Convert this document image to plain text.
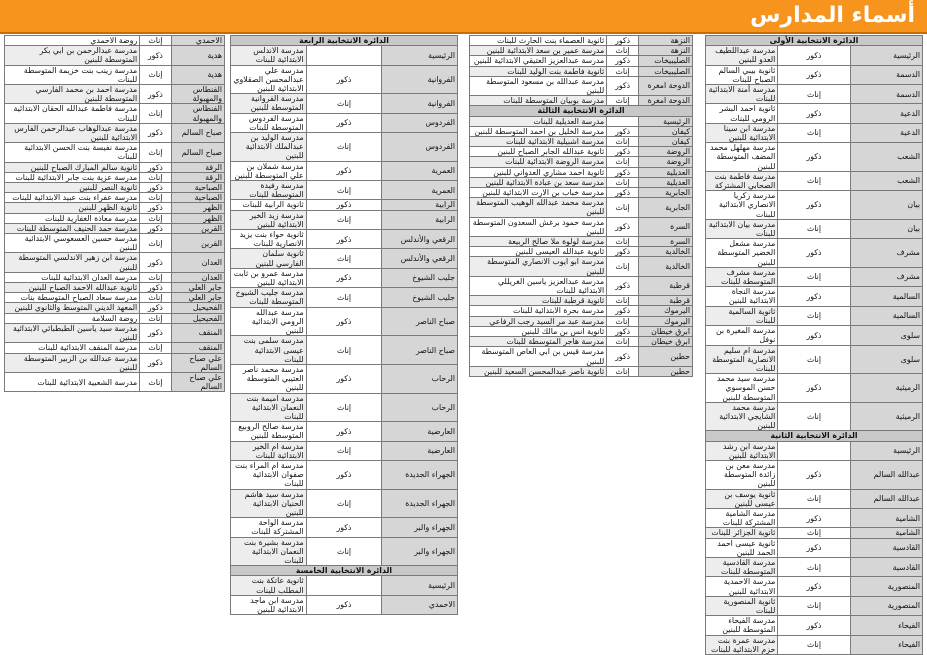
أسماء المدارس
الدائرة الانتخابية الأولى		
الرئيسية	ذكور	مدرسة عبداللطيف العدو للبنين
الدسمة	ذكور	ثانوية بيبي السالم الصباح للبنات
الدسمة	إناث	مدرسة أمنة الابتدائية للبنات
الدعية	ذكور	ثانوية احمد البشر الرومي للبنات
الدعية	إناث	مدرسة ابن سينا الابتدائية للبنين
الشعب	ذكور	مدرسة مهلهل محمد المضف المتوسطة للبنين
الشعب	إناث	مدرسة فاطمة بنت الصحابي المشتركة
بيان	ذكور	مدرسة زكريا الانصاري الابتدائية للبنات
بيان	إناث	مدرسة بيان الابتدائية للبنات
مشرف	ذكور	مدرسة مشعل الخضير المتوسطة للبنين
مشرف	إناث	مدرسة مشرف المتوسطة للبنات
السالمية	ذكور	مدرسة النجاة الابتدائية للبنين
السالمية	إناث	ثانوية السالمية للبنات
سلوى	ذكور	مدرسة المغيرة بن نوفل
سلوى	إناث	مدرسة ام سليم الانصارية المتوسطة للبنات
الرميثية	ذكور	مدرسة سيد محمد حسن الموسوي المتوسطة للبنين
الرميثية	إناث	مدرسة محمد الشايجي الابتدائية للبنين
الدائرة الانتخابية الثانية		
الرئيسية		مدرسة ابن رشد الابتدائية للبنين
عبدالله السالم	ذكور	مدرسة معن بن زائدة المتوسطة للبنين
عبدالله السالم	إناث	ثانوية يوسف بن عيسى للبنين
الشامية	ذكور	مدرسة الشامية المشتركة للبنات
الشامية	إناث	ثانوية الجزائر للبنات
القادسية	ذكور	ثانوية عيسى احمد الحمد للبنين
القادسية	إناث	مدرسة القادسية المتوسطة للبنات
المنصورية	ذكور	مدرسة الاحمدية الابتدائية للبنين
المنصورية	إناث	ثانوية المنصورية للبنات
الفيحاء	ذكور	مدرسة الفيحاء المتوسطة للبنين
الفيحاء	إناث	مدرسة عمرة بنت حزم الابتدائية للبنات
النزهة	ذكور	ثانوية العصماء بنت الحارث للبنات
النزهة	إناث	مدرسة عمير بن سعد الابتدائية للبنين
الصليبيخات	ذكور	مدرسة عبدالعزيز العتيقي الابتدائية للبنين
الصليبيخات	إناث	ثانوية فاطمة بنت الوليد للبنات
الدوحة امغرة	ذكور	مدرسة عبدالله بن مسعود المتوسطة للبنين
الدوحة امغرة	إناث	مدرسة بوبيان المتوسطة للبنات
الدائرة الانتخابية الثالثة		
الرئيسية		مدرسة العديلية للبنات
كيفان	ذكور	مدرسة الخليل بن احمد المتوسطة للبنين
كيفان	إناث	مدرسة اشبيلية الابتدائية للبنات
الروضة	ذكور	ثانوية عبدالله الجابر الصباح للبنين
الروضة	إناث	مدرسة الروضة الابتدائية للبنات
العديلية	ذكور	ثانوية احمد مشاري العدواني للبنين
العديلية	إناث	مدرسة سعد بن عبادة الابتدائية للبنين
الجابرية	ذكور	مدرسة خباب بن الارت الابتدائية للبنين
الجابرية	إناث	مدرسة محمد عبدالله الوهيب المتوسطة للبنين
السرة	ذكور	مدرسة حمود برغش السعدون المتوسطة للبنين
السرة	إناث	مدرسة لولوة ملا صالح الربيعة
الخالدية	ذكور	ثانوية عبدالله العيسى للبنين
الخالدية	إناث	مدرسة ابو ايوب الانصاري المتوسطة للبنين
قرطبة	ذكور	مدرسة عبدالعزيز ياسين الغريللي الابتدائية للبنات
قرطبة	إناث	ثانوية قرطبة للبنات
اليرموك	ذكور	مدرسة بحرة الابتدائية للبنات
اليرموك	إناث	مدرسة عبد مر السيد رجب الرفاعي
ابرق خيطان	ذكور	ثانوية انس بن مالك للبنين
ابرق خيطان	إناث	مدرسة هاجر المتوسطة للبنات
حطين	ذكور	مدرسة قيس بن ابي العاص المتوسطة للبنين
حطين	إناث	ثانوية ناصر عبدالمحسن السعيد للبنين
الدائرة الانتخابية الرابعة		
الرئيسية		مدرسة الاندلس الابتدائية للبنات
الفروانية	ذكور	مدرسة علي عبدالمحسن الصقلاوي الابتدائية للبنين
الفروانية	إناث	مدرسة الفروانية المتوسطة للبنين
الفردوس	ذكور	مدرسة الفردوس المتوسطة للبنات
الفردوس	إناث	مدرسة الوليد بن عبدالملك الابتدائية للبنين
العمرية	ذكور	مدرسة شملان بن علي المتوسطة للبنين
العمرية	إناث	مدرسة رفيدة المتوسطة للبنات
الرابية	ذكور	ثانوية الرابية للبنات
الرابية	إناث	مدرسة زيد الخير الابتدائية للبنين
الرقعي والأندلس	ذكور	ثانوية حواء بنت يزيد الانصارية للبنات
الرقعي والأندلس	إناث	ثانوية سلمان الفارسي للبنين
جليب الشيوخ	ذكور	مدرسة عمرو بن ثابت الابتدائية للبنين
جليب الشيوخ	إناث	مدرسة جليب الشيوخ المتوسطة للبنات
صباح الناصر	ذكور	مدرسة عبدالله الرومي الابتدائية للبنين
صباح الناصر	إناث	مدرسة سلمى بنت عيسى الابتدائية للبنات
الرحاب	ذكور	مدرسة محمد ناصر العتيبي المتوسطة للبنين
الرحاب	إناث	مدرسة اميمة بنت النعمان الابتدائية للبنات
العارضية	ذكور	مدرسة صالح الروبيع المتوسطة للبنين
العارضية	إناث	مدرسة ام الخير الابتدائية للبنات
الجهراء الجديدة	ذكور	مدرسة ام المراء بنت صفوان الابتدائية للبنات
الجهراء الجديدة	إناث	مدرسة سيد هاشم الحنيان الابتدائية للبنين
الجهراء والبر	ذكور	مدرسة الواحة المشتركة للبنات
الجهراء والبر	إناث	مدرسة بشيرة بنت النعمان الابتدائية للبنات
الدائرة الانتخابية الخامسة		
الرئيسية		ثانوية عاتكة بنت المطلب للبنات
الاحمدي	ذكور	مدرسة ابن ماجد الابتدائية للبنين
الاحمدي	إناث	روضة الاحمدي
هدية	ذكور	مدرسة عبدالرحمن بن ابي بكر المتوسطة للبنين
هدية	إناث	مدرسة زينب بنت خزيمة المتوسطة للبنات
الفنطاس والمهبولة	ذكور	مدرسة احمد بن محمد الفارسي المتوسطة للبنين
الفنطاس والمهبولة	إناث	مدرسة فاطمة عبدالله الحقان الابتدائية للبنات
صباح السالم	ذكور	مدرسة عبدالوهاب عبدالرحمن الفارس الابتدائية للبنين
صباح السالم	إناث	مدرسة نفيسة بنت الحسن الابتدائية للبنات
الرقة	ذكور	ثانوية سالم المبارك الصباح للبنين
الرقة	إناث	مدرسة عزية بنت جابر الابتدائية للبنات
الصباحية	ذكور	ثانوية النصر للبنين
الصباحية	إناث	مدرسة عفراء بنت عبيد الابتدائية للبنات
الظهر	ذكور	ثانوية الظهر للبنين
الظهر	إناث	مدرسة معاذة الغفارية للبنات
القرين	ذكور	مدرسة حمد الحنيف المتوسطة للبنات
القرين	إناث	مدرسة حسين العسعوسي الابتدائية للبنين
العدان	ذكور	مدرسة ابن زهير الاندلسي المتوسطة للبنين
العدان	إناث	مدرسة العدان الابتدائية للبنات
جابر العلي	ذكور	ثانوية عبدالله الاحمد الصباح للبنين
جابر العلي	إناث	مدرسة سعاد الصباح المتوسطة بنات
الفحيحيل	ذكور	المعهد الديني المتوسط والثانوي للبنين
الفحيحيل	إناث	روضة السلامة
المنقف	ذكور	مدرسة سيد ياسين الطبطبائي الابتدائية للبنين
المنقف	إناث	مدرسة المنقف الابتدائية للبنات
علي صباح السالم	ذكور	مدرسة عبدالله بن الزبير المتوسطة للبنين
علي صباح السالم	إناث	مدرسة الشعبية الابتدائية للبنات
